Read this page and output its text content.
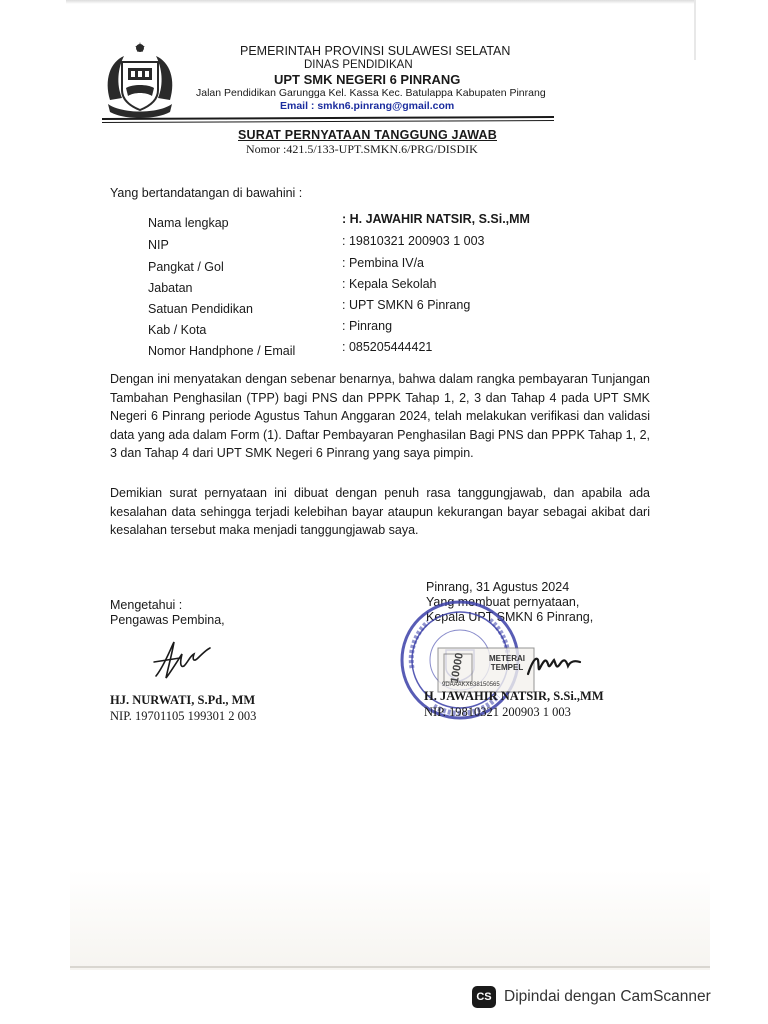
PEMERINTAH PROVINSI SULAWESI SELATAN
DINAS PENDIDIKAN
UPT SMK NEGERI 6 PINRANG
Jalan Pendidikan Garungga Kel. Kassa Kec. Batulappa Kabupaten Pinrang
Email : smkn6.pinrang@gmail.com
SURAT PERNYATAAN TANGGUNG JAWAB
Nomor :421.5/133-UPT.SMKN.6/PRG/DISDIK
Yang bertandatangan di bawahini :
Nama lengkap	: H. JAWAHIR NATSIR, S.Si.,MM
NIP	: 19810321 200903 1 003
Pangkat / Gol	: Pembina IV/a
Jabatan	: Kepala Sekolah
Satuan Pendidikan	: UPT SMKN 6 Pinrang
Kab / Kota	: Pinrang
Nomor Handphone / Email	: 085205444421
Dengan ini menyatakan dengan sebenar benarnya, bahwa dalam rangka pembayaran Tunjangan Tambahan Penghasilan (TPP) bagi PNS dan PPPK Tahap 1, 2, 3 dan Tahap 4 pada UPT SMK Negeri 6 Pinrang periode Agustus Tahun Anggaran 2024, telah melakukan verifikasi dan validasi data yang ada dalam Form (1). Daftar Pembayaran Penghasilan Bagi PNS dan PPPK Tahap 1, 2, 3 dan Tahap 4 dari UPT SMK Negeri 6 Pinrang yang saya pimpin.
Demikian surat pernyataan ini dibuat dengan penuh rasa tanggungjawab, dan apabila ada kesalahan data sehingga terjadi kelebihan bayar ataupun kekurangan bayar sebagai akibat dari kesalahan tersebut maka menjadi tanggungjawab saya.
Mengetahui :
Pengawas Pembina,
HJ. NURWATI, S.Pd., MM
NIP. 19701105 199301 2 003
Pinrang, 31 Agustus 2024
Yang membuat pernyataan,
Kepala UPT SMKN 6 Pinrang,
10000	METERAI TEMPEL
9DAAAKX638150565
H. JAWAHIR NATSIR, S.Si.,MM
NIP. 19810321 200903 1 003
CS Dipindai dengan CamScanner
